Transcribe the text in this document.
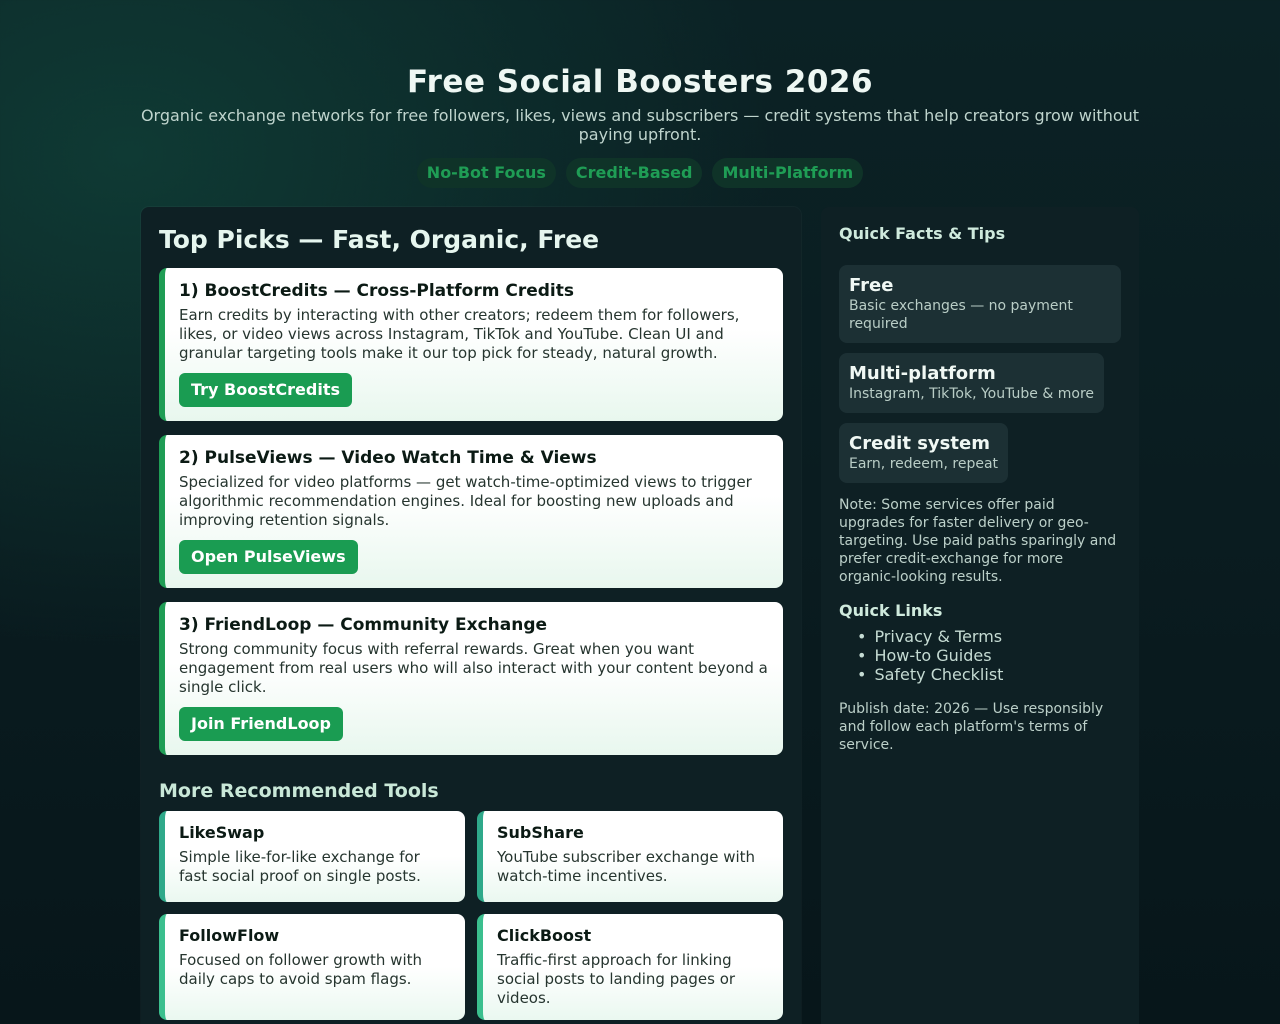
Free Social Boosters 2026

Organic exchange networks for free followers, likes, views and subscribers — credit systems that help creators grow without paying upfront.

No-Bot Focus	Credit-Based	Multi-Platform
Top Picks — Fast, Organic, Free
1) BoostCredits — Cross-Platform Credits

Earn credits by interacting with other creators; redeem them for followers, likes, or video views across Instagram, TikTok and YouTube. Clean UI and granular targeting tools make it our top pick for steady, natural growth.

Try BoostCredits
2) PulseViews — Video Watch Time & Views

Specialized for video platforms — get watch-time-optimized views to trigger algorithmic recommendation engines. Ideal for boosting new uploads and improving retention signals.

Open PulseViews
3) FriendLoop — Community Exchange

Strong community focus with referral rewards. Great when you want engagement from real users who will also interact with your content beyond a single click.

Join FriendLoop
More Recommended Tools
LikeSwap
Simple like-for-like exchange for fast social proof on single posts.
SubShare
YouTube subscriber exchange with watch-time incentives.
FollowFlow
Focused on follower growth with daily caps to avoid spam flags.
ClickBoost
Traffic-first approach for linking social posts to landing pages or videos.
Quick Facts & Tips
Free
Basic exchanges — no payment required

Multi-platform
Instagram, TikTok, YouTube & more

Credit system
Earn, redeem, repeat

Note: Some services offer paid upgrades for faster delivery or geo-targeting. Use paid paths sparingly and prefer credit-exchange for more organic-looking results.

Quick Links
• Privacy & Terms
• How-to Guides
• Safety Checklist

Publish date: 2026 — Use responsibly and follow each platform's terms of service.
